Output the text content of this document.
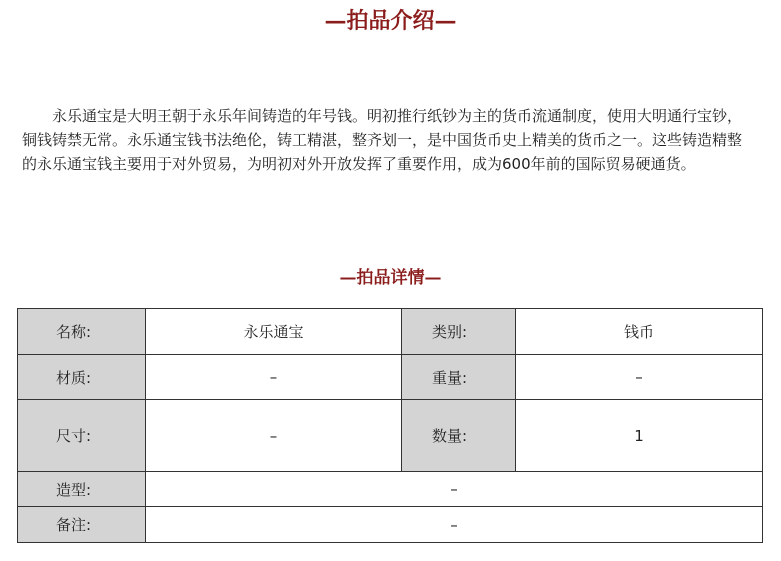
—拍品介绍—

永乐通宝是大明王朝于永乐年间铸造的年号钱。明初推行纸钞为主的货币流通制度，使用大明通行宝钞，铜钱铸禁无常。永乐通宝钱书法绝伦，铸工精湛，整齐划一，是中国货币史上精美的货币之一。这些铸造精整的永乐通宝钱主要用于对外贸易，为明初对外开放发挥了重要作用，成为600年前的国际贸易硬通货。

—拍品详情—
名称:	永乐通宝	类别:	钱币
材质:	–	重量:	–
尺寸:	–	数量:	1
造型:	–		
备注:	–		
